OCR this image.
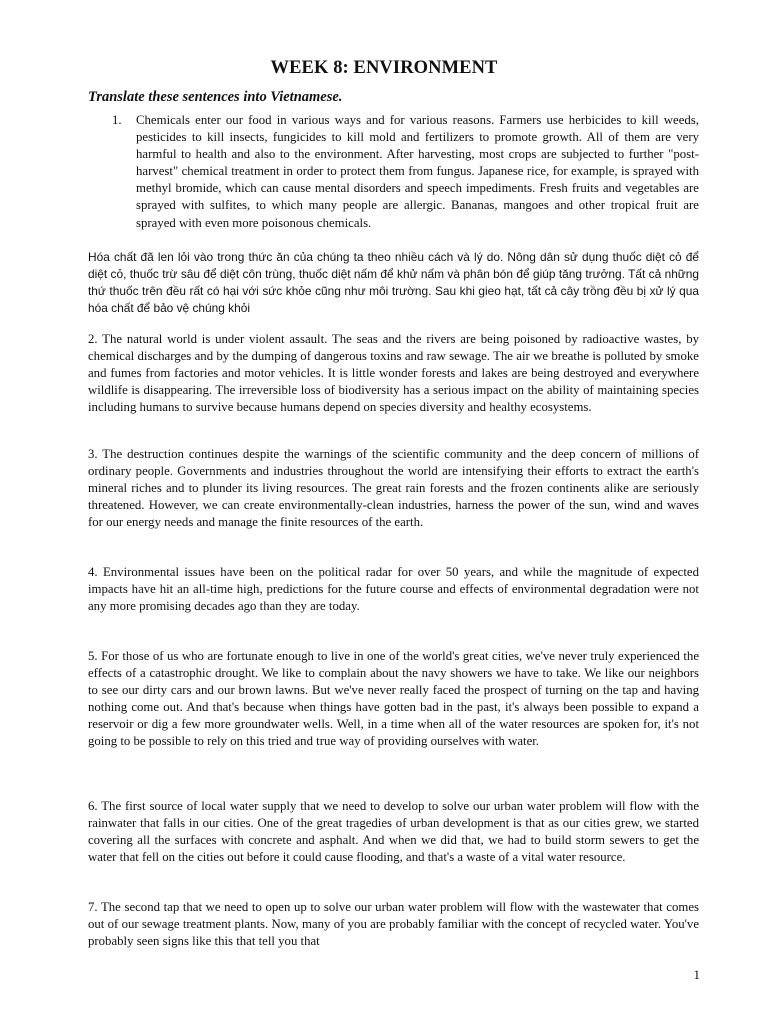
WEEK 8: ENVIRONMENT
Translate these sentences into Vietnamese.
1. Chemicals enter our food in various ways and for various reasons. Farmers use herbicides to kill weeds, pesticides to kill insects, fungicides to kill mold and fertilizers to promote growth. All of them are very harmful to health and also to the environment. After harvesting, most crops are subjected to further "post-harvest" chemical treatment in order to protect them from fungus. Japanese rice, for example, is sprayed with methyl bromide, which can cause mental disorders and speech impediments. Fresh fruits and vegetables are sprayed with sulfites, to which many people are allergic. Bananas, mangoes and other tropical fruit are sprayed with even more poisonous chemicals.
Hóa chất đã len lỏi vào trong thức ăn của chúng ta theo nhiều cách và lý do. Nông dân sử dụng thuốc diệt cỏ để diệt cỏ, thuốc trừ sâu để diệt côn trùng, thuốc diệt nấm để khử nấm và phân bón để giúp tăng trưởng. Tất cả những thứ thuốc trên đều rất có hại với sức khỏe cũng như môi trường. Sau khi gieo hạt, tất cả cây trồng đều bị xử lý qua hóa chất để bảo vệ chúng khỏi
2. The natural world is under violent assault. The seas and the rivers are being poisoned by radioactive wastes, by chemical discharges and by the dumping of dangerous toxins and raw sewage. The air we breathe is polluted by smoke and fumes from factories and motor vehicles. It is little wonder forests and lakes are being destroyed and everywhere wildlife is disappearing. The irreversible loss of biodiversity has a serious impact on the ability of maintaining species including humans to survive because humans depend on species diversity and healthy ecosystems.
3. The destruction continues despite the warnings of the scientific community and the deep concern of millions of ordinary people. Governments and industries throughout the world are intensifying their efforts to extract the earth's mineral riches and to plunder its living resources. The great rain forests and the frozen continents alike are seriously threatened. However, we can create environmentally-clean industries, harness the power of the sun, wind and waves for our energy needs and manage the finite resources of the earth.
4. Environmental issues have been on the political radar for over 50 years, and while the magnitude of expected impacts have hit an all-time high, predictions for the future course and effects of environmental degradation were not any more promising decades ago than they are today.
5. For those of us who are fortunate enough to live in one of the world's great cities, we've never truly experienced the effects of a catastrophic drought. We like to complain about the navy showers we have to take. We like our neighbors to see our dirty cars and our brown lawns. But we've never really faced the prospect of turning on the tap and having nothing come out. And that's because when things have gotten bad in the past, it's always been possible to expand a reservoir or dig a few more groundwater wells. Well, in a time when all of the water resources are spoken for, it's not going to be possible to rely on this tried and true way of providing ourselves with water.
6. The first source of local water supply that we need to develop to solve our urban water problem will flow with the rainwater that falls in our cities. One of the great tragedies of urban development is that as our cities grew, we started covering all the surfaces with concrete and asphalt. And when we did that, we had to build storm sewers to get the water that fell on the cities out before it could cause flooding, and that's a waste of a vital water resource.
7. The second tap that we need to open up to solve our urban water problem will flow with the wastewater that comes out of our sewage treatment plants. Now, many of you are probably familiar with the concept of recycled water. You've probably seen signs like this that tell you that
1
